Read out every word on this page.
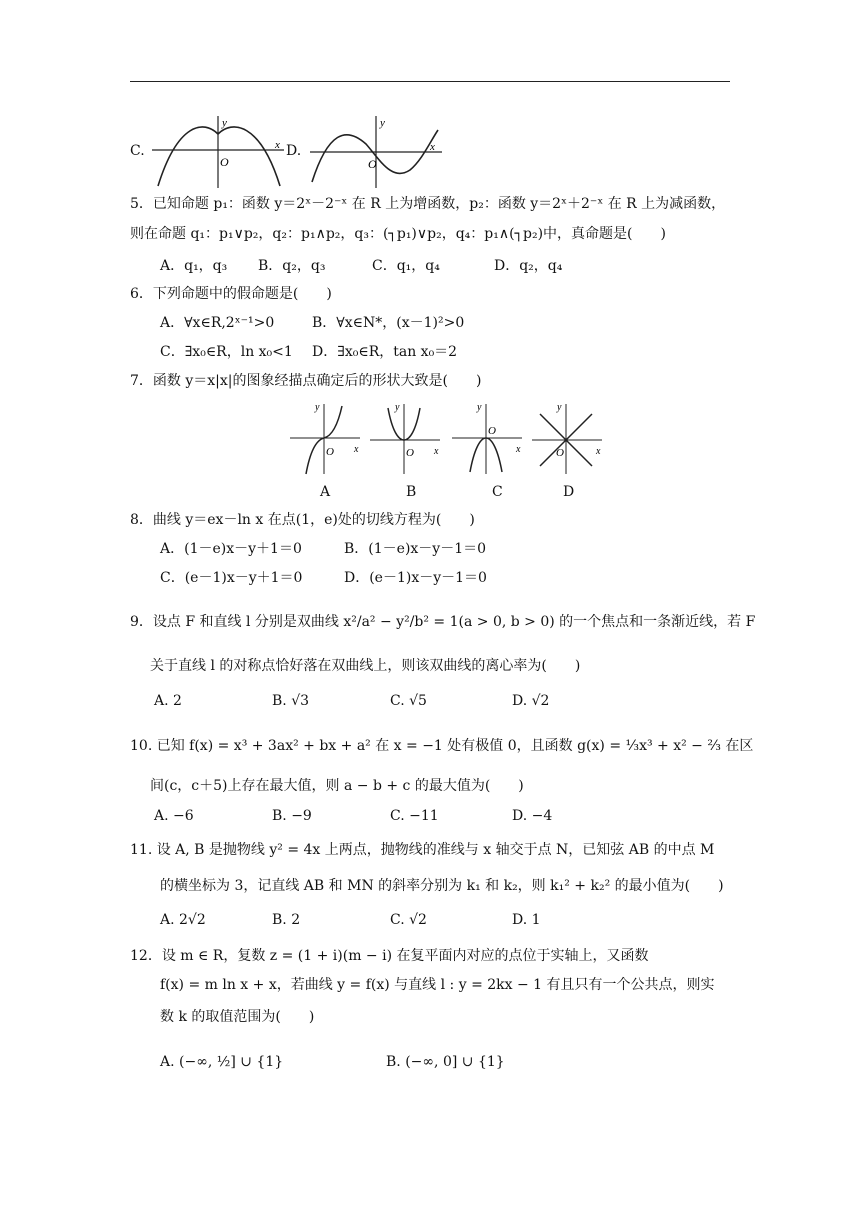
C.
y
O
x D.
y
O
x
5．已知命题 p₁：函数 y＝2ˣ－2⁻ˣ 在 R 上为增函数，p₂：函数 y＝2ˣ＋2⁻ˣ 在 R 上为减函数，
则在命题 q₁：p₁∨p₂，q₂：p₁∧p₂，q₃：(┐p₁)∨p₂，q₄：p₁∧(┐p₂)中，真命题是(　　)
A．q₁，q₃ B．q₂，q₃	C．q₁，q₄	D．q₂，q₄
6．下列命题中的假命题是(　　)
A．∀x∈R,2ˣ⁻¹>0	B．∀x∈N*，(x－1)²>0
C．∃x₀∈R，ln x₀<1 D．∃x₀∈R，tan x₀＝2
7．函数 y＝x|x|的图象经描点确定后的形状大致是(　　)
y
O x
y
O x
y
O
x
y
O	x
A	B	C	D
8．曲线 y＝ex－ln x 在点(1，e)处的切线方程为(　　)
A．(1－e)x－y＋1＝0	B．(1－e)x－y－1＝0
C．(e－1)x－y＋1＝0	D．(e－1)x－y－1＝0
9．设点 F 和直线 l 分别是双曲线 x²/a² − y²/b² = 1(a > 0, b > 0) 的一个焦点和一条渐近线，若 F
关于直线 l 的对称点恰好落在双曲线上，则该双曲线的离心率为(　　)
A. 2	B. √3	C. √5	D. √2
10. 已知 f(x) = x³ + 3ax² + bx + a² 在 x = −1 处有极值 0，且函数 g(x) = ⅓x³ + x² − ⅔ 在区
间(c，c＋5)上存在最大值，则 a − b + c 的最大值为(　　)
A. −6	B. −9	C. −11	D. −4
11. 设 A, B 是抛物线 y² = 4x 上两点，抛物线的准线与 x 轴交于点 N，已知弦 AB 的中点 M
的横坐标为 3，记直线 AB 和 MN 的斜率分别为 k₁ 和 k₂，则 k₁² + k₂² 的最小值为(　　)
A. 2√2	B. 2	C. √2	D. 1
12．设 m ∈ R，复数 z = (1 + i)(m − i) 在复平面内对应的点位于实轴上，又函数
f(x) = m ln x + x，若曲线 y = f(x) 与直线 l : y = 2kx − 1 有且只有一个公共点，则实
数 k 的取值范围为(　　)
A. (−∞, ½] ∪ {1}	B. (−∞, 0] ∪ {1}
